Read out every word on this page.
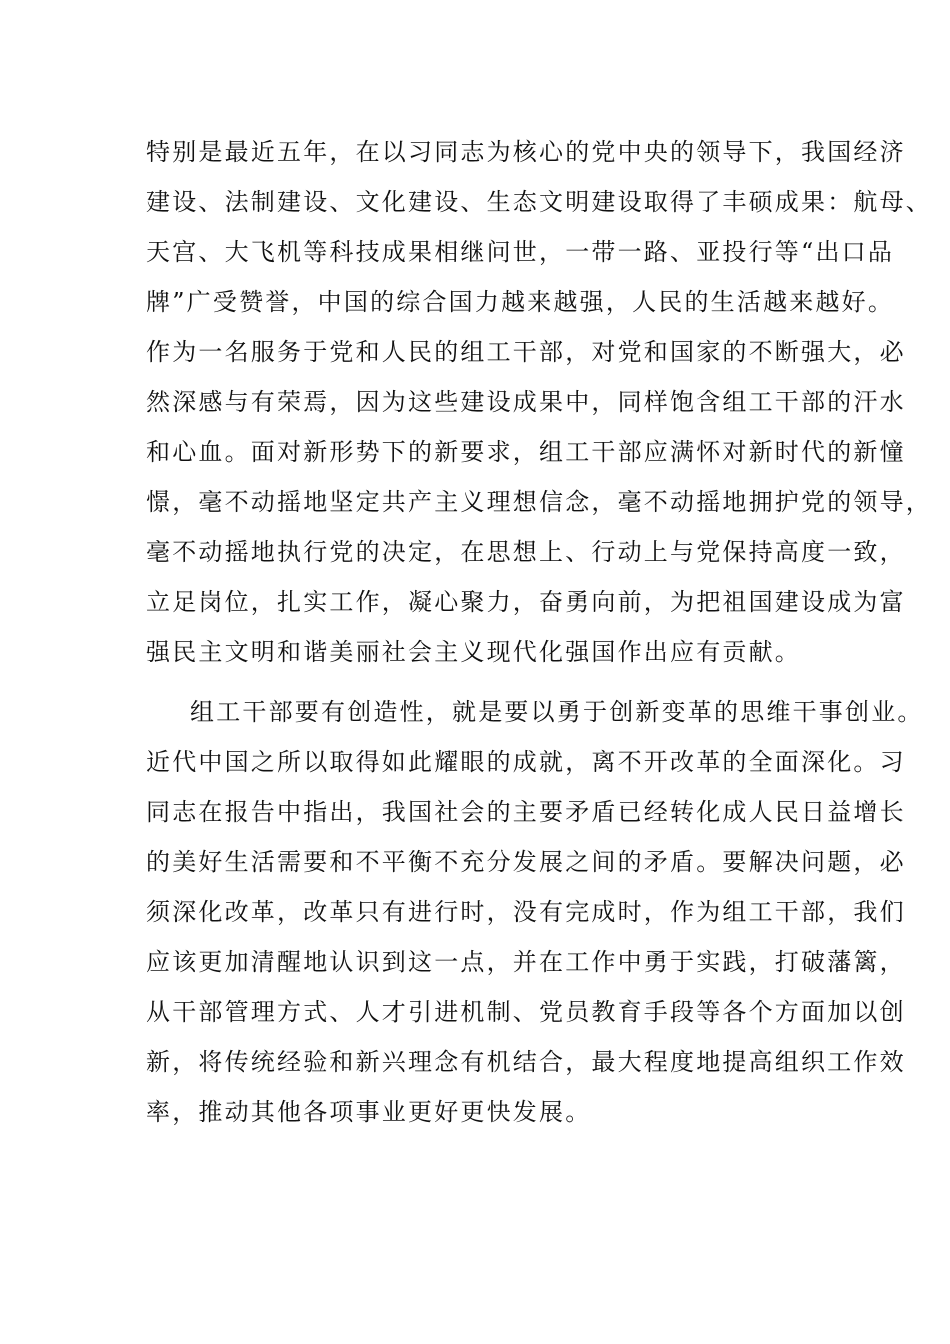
特别是最近五年，在以习同志为核心的党中央的领导下，我国经济
建设、法制建设、文化建设、生态文明建设取得了丰硕成果：航母、
天宫、大飞机等科技成果相继问世，一带一路、亚投行等“出口品
牌”广受赞誉，中国的综合国力越来越强，人民的生活越来越好。
作为一名服务于党和人民的组工干部，对党和国家的不断强大，必
然深感与有荣焉，因为这些建设成果中，同样饱含组工干部的汗水
和心血。面对新形势下的新要求，组工干部应满怀对新时代的新憧
憬，毫不动摇地坚定共产主义理想信念，毫不动摇地拥护党的领导，
毫不动摇地执行党的决定，在思想上、行动上与党保持高度一致，
立足岗位，扎实工作，凝心聚力，奋勇向前，为把祖国建设成为富
强民主文明和谐美丽社会主义现代化强国作出应有贡献。
组工干部要有创造性，就是要以勇于创新变革的思维干事创业。
近代中国之所以取得如此耀眼的成就，离不开改革的全面深化。习
同志在报告中指出，我国社会的主要矛盾已经转化成人民日益增长
的美好生活需要和不平衡不充分发展之间的矛盾。要解决问题，必
须深化改革，改革只有进行时，没有完成时，作为组工干部，我们
应该更加清醒地认识到这一点，并在工作中勇于实践，打破藩篱，
从干部管理方式、人才引进机制、党员教育手段等各个方面加以创
新，将传统经验和新兴理念有机结合，最大程度地提高组织工作效
率，推动其他各项事业更好更快发展。
